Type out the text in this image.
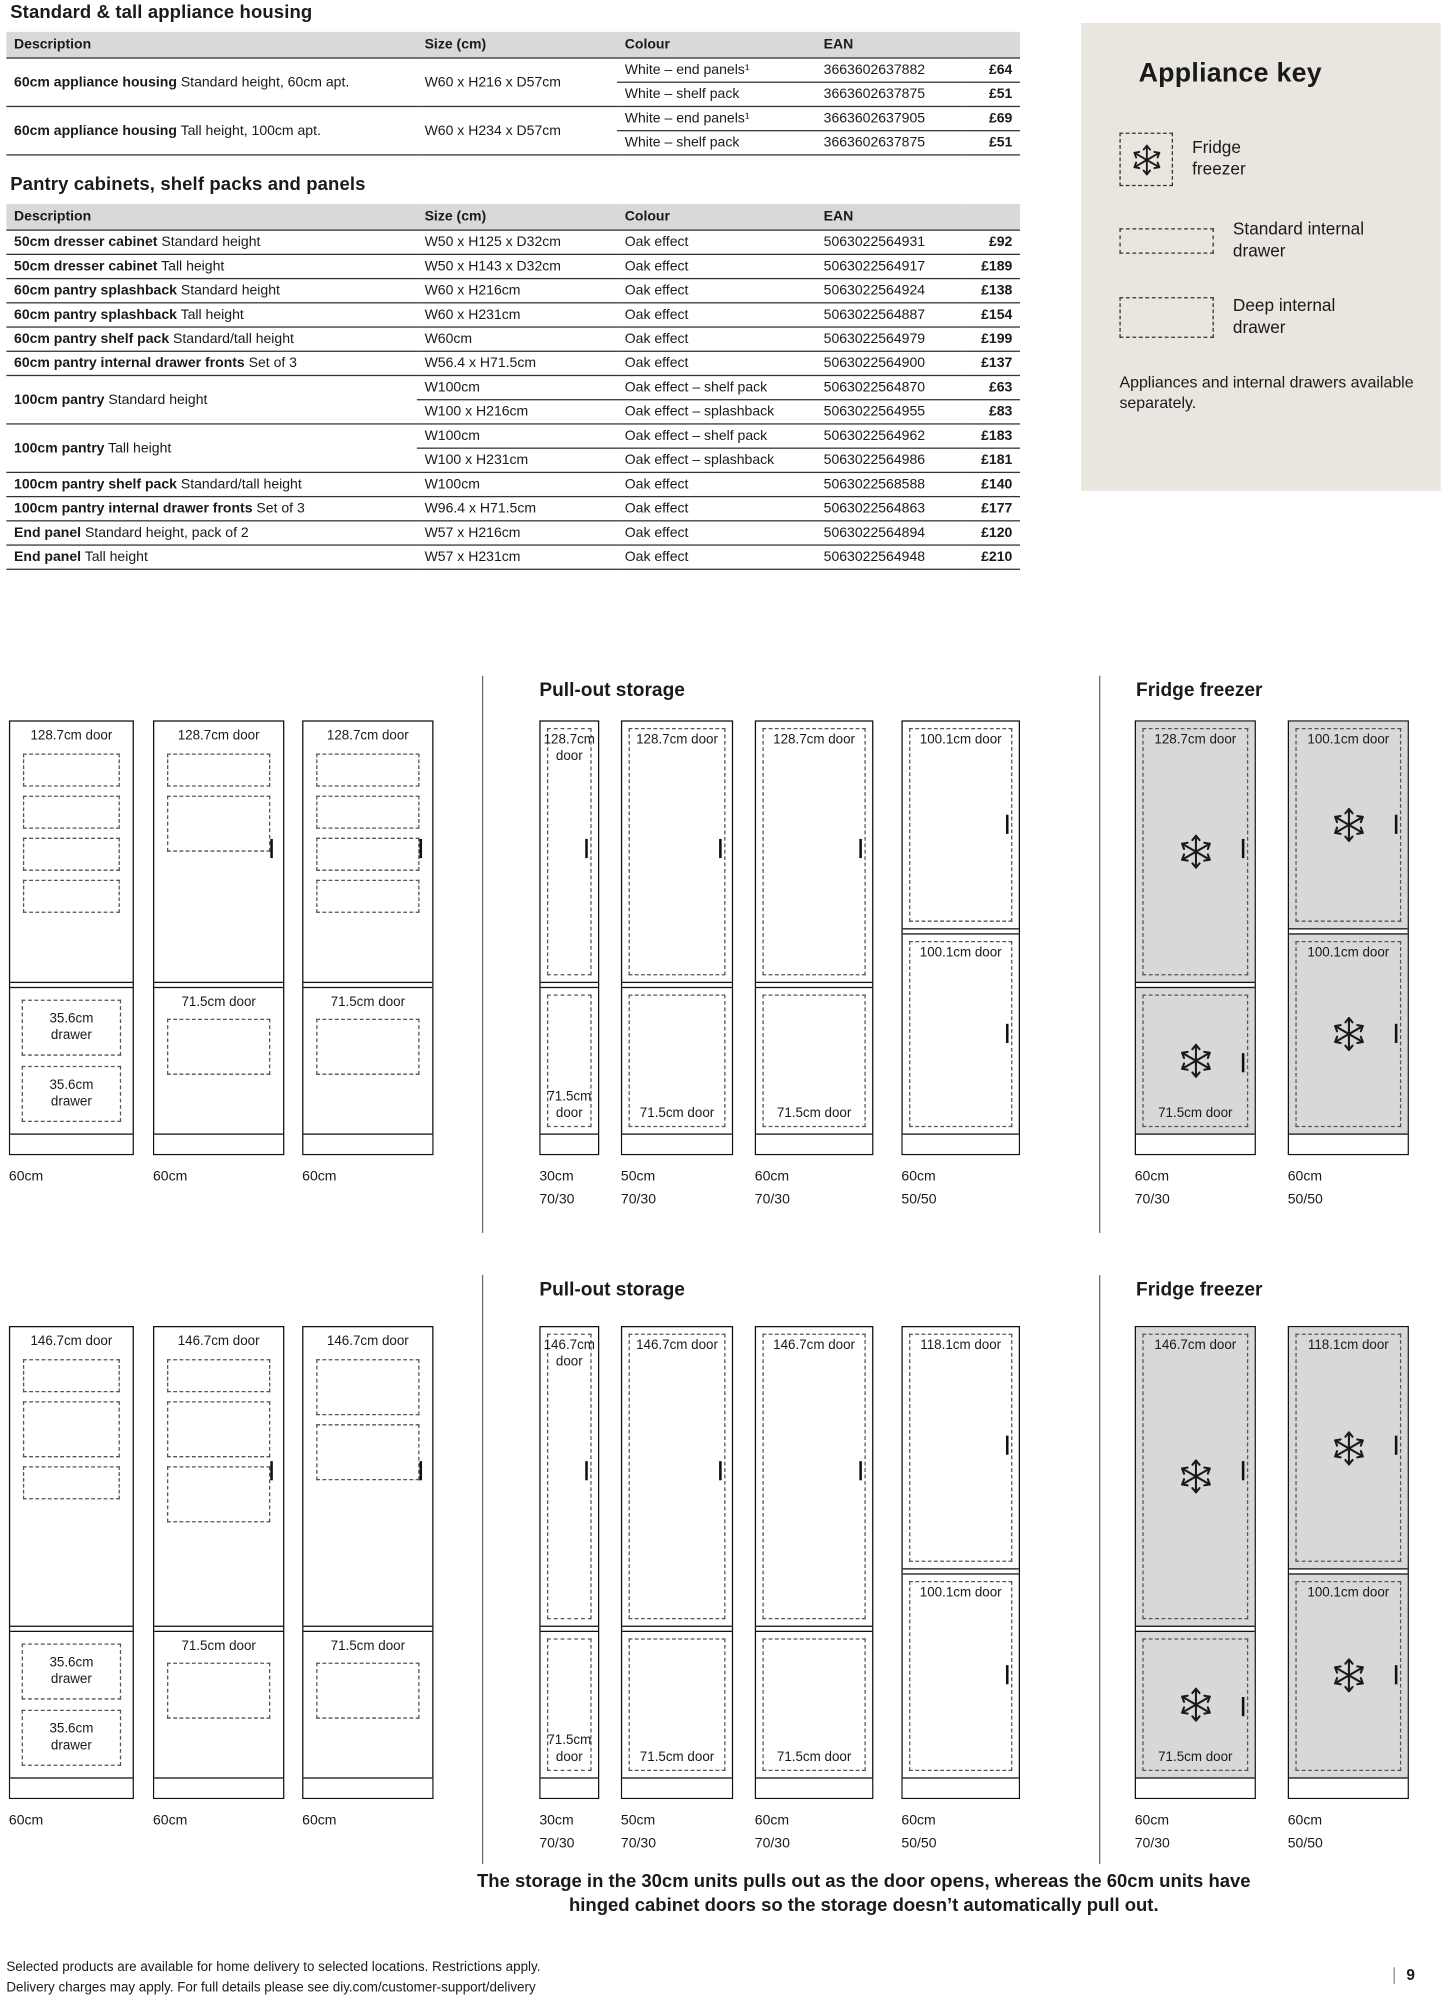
Standard & tall appliance housing
Description	Size (cm)	Colour	EAN	
60cm appliance housing Standard height, 60cm apt.	W60 x H216 x D57cm	White – end panels¹	3663602637882	£64
		White – shelf pack	3663602637875	£51
60cm appliance housing Tall height, 100cm apt.	W60 x H234 x D57cm	White – end panels¹	3663602637905	£69
		White – shelf pack	3663602637875	£51
Pantry cabinets, shelf packs and panels
Description	Size (cm)	Colour	EAN	
50cm dresser cabinet Standard height	W50 x H125 x D32cm	Oak effect	5063022564931	£92
50cm dresser cabinet Tall height	W50 x H143 x D32cm	Oak effect	5063022564917	£189
60cm pantry splashback Standard height	W60 x H216cm	Oak effect	5063022564924	£138
60cm pantry splashback Tall height	W60 x H231cm	Oak effect	5063022564887	£154
60cm pantry shelf pack Standard/tall height	W60cm	Oak effect	5063022564979	£199
60cm pantry internal drawer fronts Set of 3	W56.4 x H71.5cm	Oak effect	5063022564900	£137
100cm pantry Standard height	W100cm	Oak effect – shelf pack	5063022564870	£63
	W100 x H216cm	Oak effect – splashback	5063022564955	£83
100cm pantry Tall height	W100cm	Oak effect – shelf pack	5063022564962	£183
	W100 x H231cm	Oak effect – splashback	5063022564986	£181
100cm pantry shelf pack Standard/tall height	W100cm	Oak effect	5063022568588	£140
100cm pantry internal drawer fronts Set of 3	W96.4 x H71.5cm	Oak effect	5063022564863	£177
End panel Standard height, pack of 2	W57 x H216cm	Oak effect	5063022564894	£120
End panel Tall height	W57 x H231cm	Oak effect	5063022564948	£210
Appliance key
Fridge freezer
Standard internal drawer
Deep internal drawer

Appliances and internal drawers available separately.

Pull-out storage	Fridge freezer
128.7cm door
35.6cm drawer
35.6cm drawer
60cm
128.7cm door
71.5cm door
60cm
128.7cm door
71.5cm door
60cm
128.7cm door
71.5cm door
30cm
70/30
128.7cm door
71.5cm door
50cm
70/30
128.7cm door
71.5cm door
60cm
70/30
100.1cm door
100.1cm door
60cm
50/50
128.7cm door
71.5cm door
60cm
70/30
100.1cm door
100.1cm door
60cm
50/50
Pull-out storage	Fridge freezer
146.7cm door
35.6cm drawer
35.6cm drawer
60cm
146.7cm door
71.5cm door
60cm
146.7cm door
71.5cm door
60cm
146.7cm door
71.5cm door
30cm
70/30
146.7cm door
71.5cm door
50cm
70/30
146.7cm door
71.5cm door
60cm
70/30
118.1cm door
100.1cm door
60cm
50/50
146.7cm door
71.5cm door
60cm
70/30
118.1cm door
100.1cm door
60cm
50/50
The storage in the 30cm units pulls out as the door opens, whereas the 60cm units have hinged cabinet doors so the storage doesn’t automatically pull out.
Selected products are available for home delivery to selected locations. Restrictions apply.
Delivery charges may apply. For full details please see diy.com/customer-support/delivery
9
